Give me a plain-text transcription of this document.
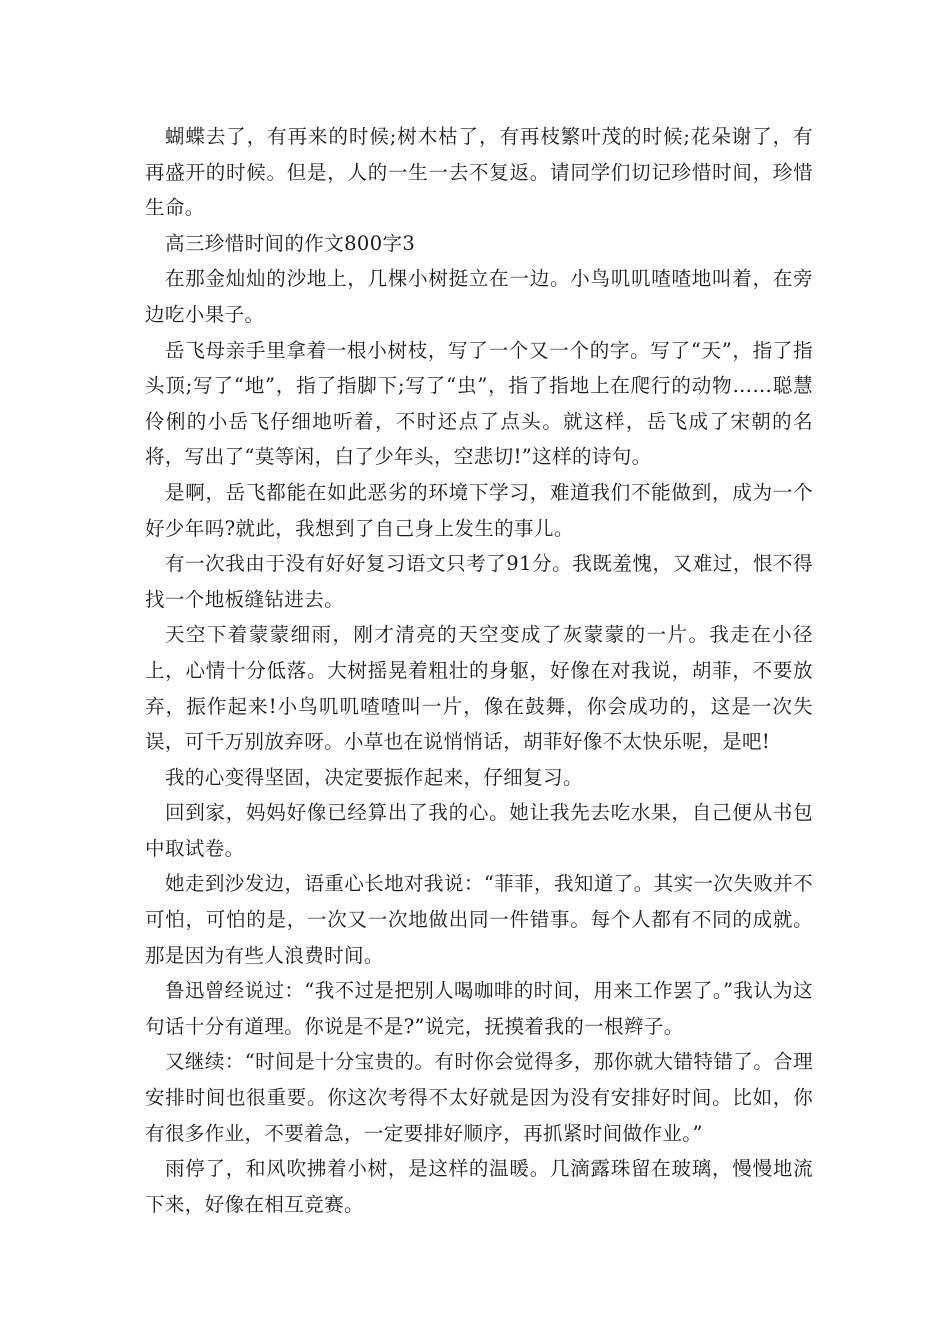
蝴蝶去了，有再来的时候;树木枯了，有再枝繁叶茂的时候;花朵谢了，有再盛开的时候。但是，人的一生一去不复返。请同学们切记珍惜时间，珍惜生命。

高三珍惜时间的作文800字3

在那金灿灿的沙地上，几棵小树挺立在一边。小鸟叽叽喳喳地叫着，在旁边吃小果子。

岳飞母亲手里拿着一根小树枝，写了一个又一个的字。写了“天”，指了指头顶;写了“地”，指了指脚下;写了“虫”，指了指地上在爬行的动物……聪慧伶俐的小岳飞仔细地听着，不时还点了点头。就这样，岳飞成了宋朝的名将，写出了“莫等闲，白了少年头，空悲切!”这样的诗句。

是啊，岳飞都能在如此恶劣的环境下学习，难道我们不能做到，成为一个好少年吗?就此，我想到了自己身上发生的事儿。

有一次我由于没有好好复习语文只考了91分。我既羞愧，又难过，恨不得找一个地板缝钻进去。

天空下着蒙蒙细雨，刚才清亮的天空变成了灰蒙蒙的一片。我走在小径上，心情十分低落。大树摇晃着粗壮的身躯，好像在对我说，胡菲，不要放弃，振作起来!小鸟叽叽喳喳叫一片，像在鼓舞，你会成功的，这是一次失误，可千万别放弃呀。小草也在说悄悄话，胡菲好像不太快乐呢，是吧!

我的心变得坚固，决定要振作起来，仔细复习。

回到家，妈妈好像已经算出了我的心。她让我先去吃水果，自己便从书包中取试卷。

她走到沙发边，语重心长地对我说：“菲菲，我知道了。其实一次失败并不可怕，可怕的是，一次又一次地做出同一件错事。每个人都有不同的成就。那是因为有些人浪费时间。

鲁迅曾经说过：“我不过是把别人喝咖啡的时间，用来工作罢了。”我认为这句话十分有道理。你说是不是?”说完，抚摸着我的一根辫子。

又继续：“时间是十分宝贵的。有时你会觉得多，那你就大错特错了。合理安排时间也很重要。你这次考得不太好就是因为没有安排好时间。比如，你有很多作业，不要着急，一定要排好顺序，再抓紧时间做作业。”

雨停了，和风吹拂着小树，是这样的温暖。几滴露珠留在玻璃，慢慢地流下来，好像在相互竞赛。
